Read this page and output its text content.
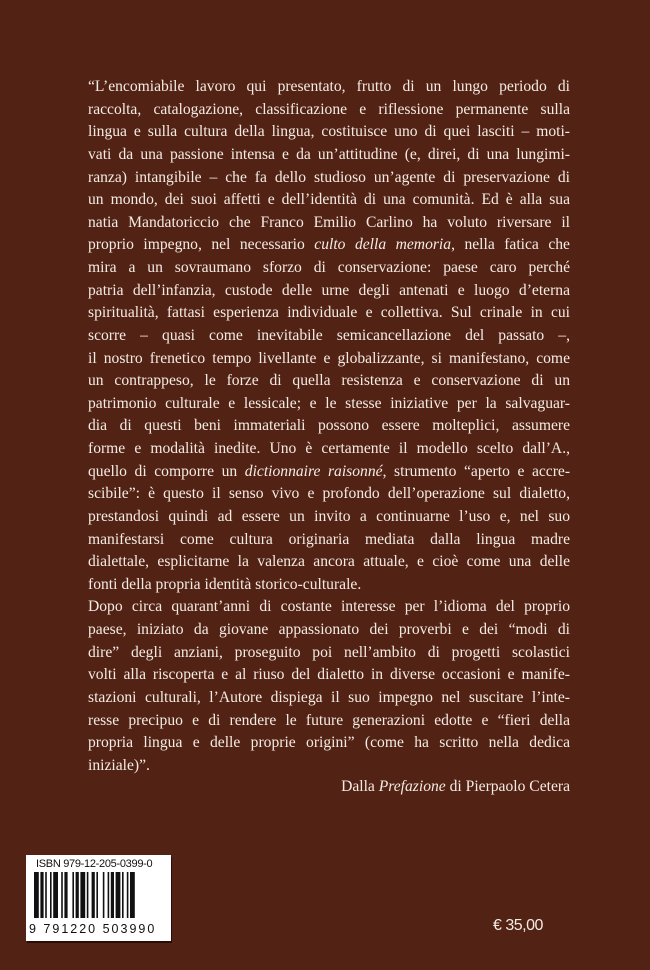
“L’encomiabile lavoro qui presentato, frutto di un lungo periodo di
raccolta, catalogazione, classificazione e riflessione permanente sulla
lingua e sulla cultura della lingua, costituisce uno di quei lasciti – moti-
vati da una passione intensa e da un’attitudine (e, direi, di una lungimi-
ranza) intangibile – che fa dello studioso un’agente di preservazione di
un mondo, dei suoi affetti e dell’identità di una comunità. Ed è alla sua
natia Mandatoriccio che Franco Emilio Carlino ha voluto riversare il
proprio impegno, nel necessario culto della memoria, nella fatica che
mira a un sovraumano sforzo di conservazione: paese caro perché
patria dell’infanzia, custode delle urne degli antenati e luogo d’eterna
spiritualità, fattasi esperienza individuale e collettiva. Sul crinale in cui
scorre – quasi come inevitabile semicancellazione del passato –,
il nostro frenetico tempo livellante e globalizzante, si manifestano, come
un contrappeso, le forze di quella resistenza e conservazione di un
patrimonio culturale e lessicale; e le stesse iniziative per la salvaguar-
dia di questi beni immateriali possono essere molteplici, assumere
forme e modalità inedite. Uno è certamente il modello scelto dall’A.,
quello di comporre un dictionnaire raisonné, strumento “aperto e accre-
scibile”: è questo il senso vivo e profondo dell’operazione sul dialetto,
prestandosi quindi ad essere un invito a continuarne l’uso e, nel suo
manifestarsi come cultura originaria mediata dalla lingua madre
dialettale, esplicitarne la valenza ancora attuale, e cioè come una delle
fonti della propria identità storico-culturale.
Dopo circa quarant’anni di costante interesse per l’idioma del proprio
paese, iniziato da giovane appassionato dei proverbi e dei “modi di
dire” degli anziani, proseguito poi nell’ambito di progetti scolastici
volti alla riscoperta e al riuso del dialetto in diverse occasioni e manife-
stazioni culturali, l’Autore dispiega il suo impegno nel suscitare l’inte-
resse precipuo e di rendere le future generazioni edotte e “fieri della
propria lingua e delle proprie origini” (come ha scritto nella dedica
iniziale)”.
Dalla Prefazione di Pierpaolo Cetera
ISBN 979-12-205-0399-0
9 791220 503990	€ 35,00
